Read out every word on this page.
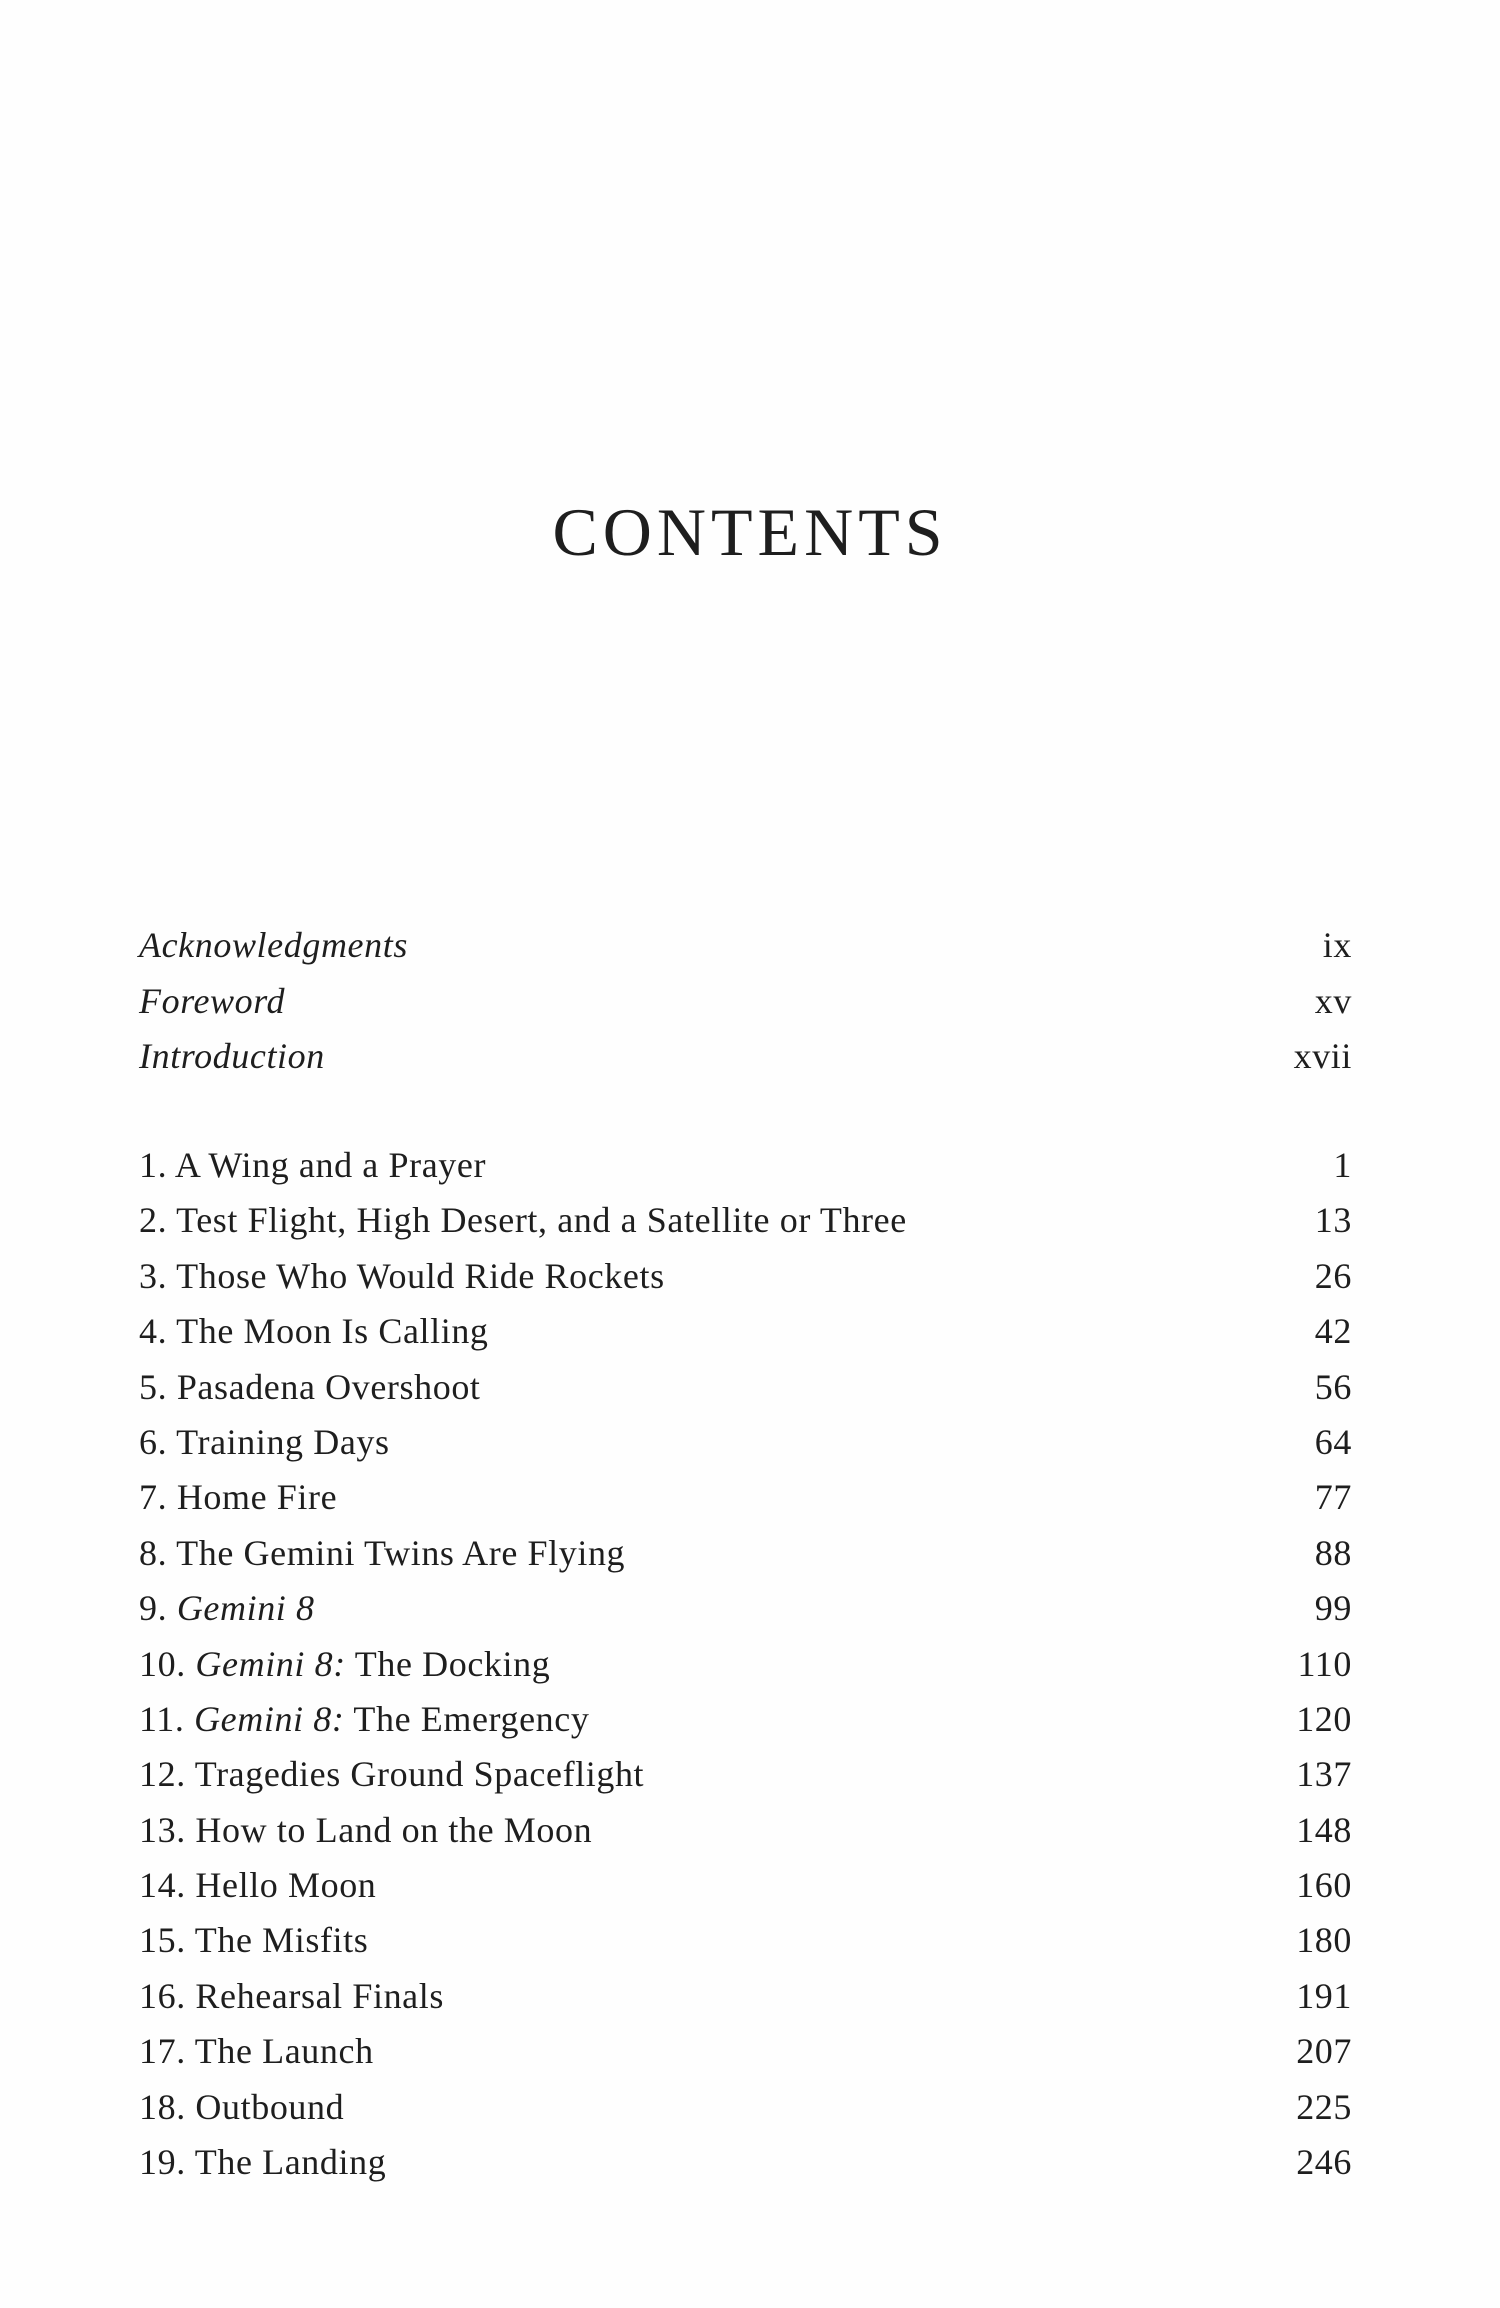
CONTENTS
Acknowledgments	ix
Foreword	xv
Introduction	xvii
1. A Wing and a Prayer	1
2. Test Flight, High Desert, and a Satellite or Three	13
3. Those Who Would Ride Rockets	26
4. The Moon Is Calling	42
5. Pasadena Overshoot	56
6. Training Days	64
7. Home Fire	77
8. The Gemini Twins Are Flying	88
9. Gemini 8	99
10. Gemini 8: The Docking	110
11. Gemini 8: The Emergency	120
12. Tragedies Ground Spaceflight	137
13. How to Land on the Moon	148
14. Hello Moon	160
15. The Misfits	180
16. Rehearsal Finals	191
17. The Launch	207
18. Outbound	225
19. The Landing	246
